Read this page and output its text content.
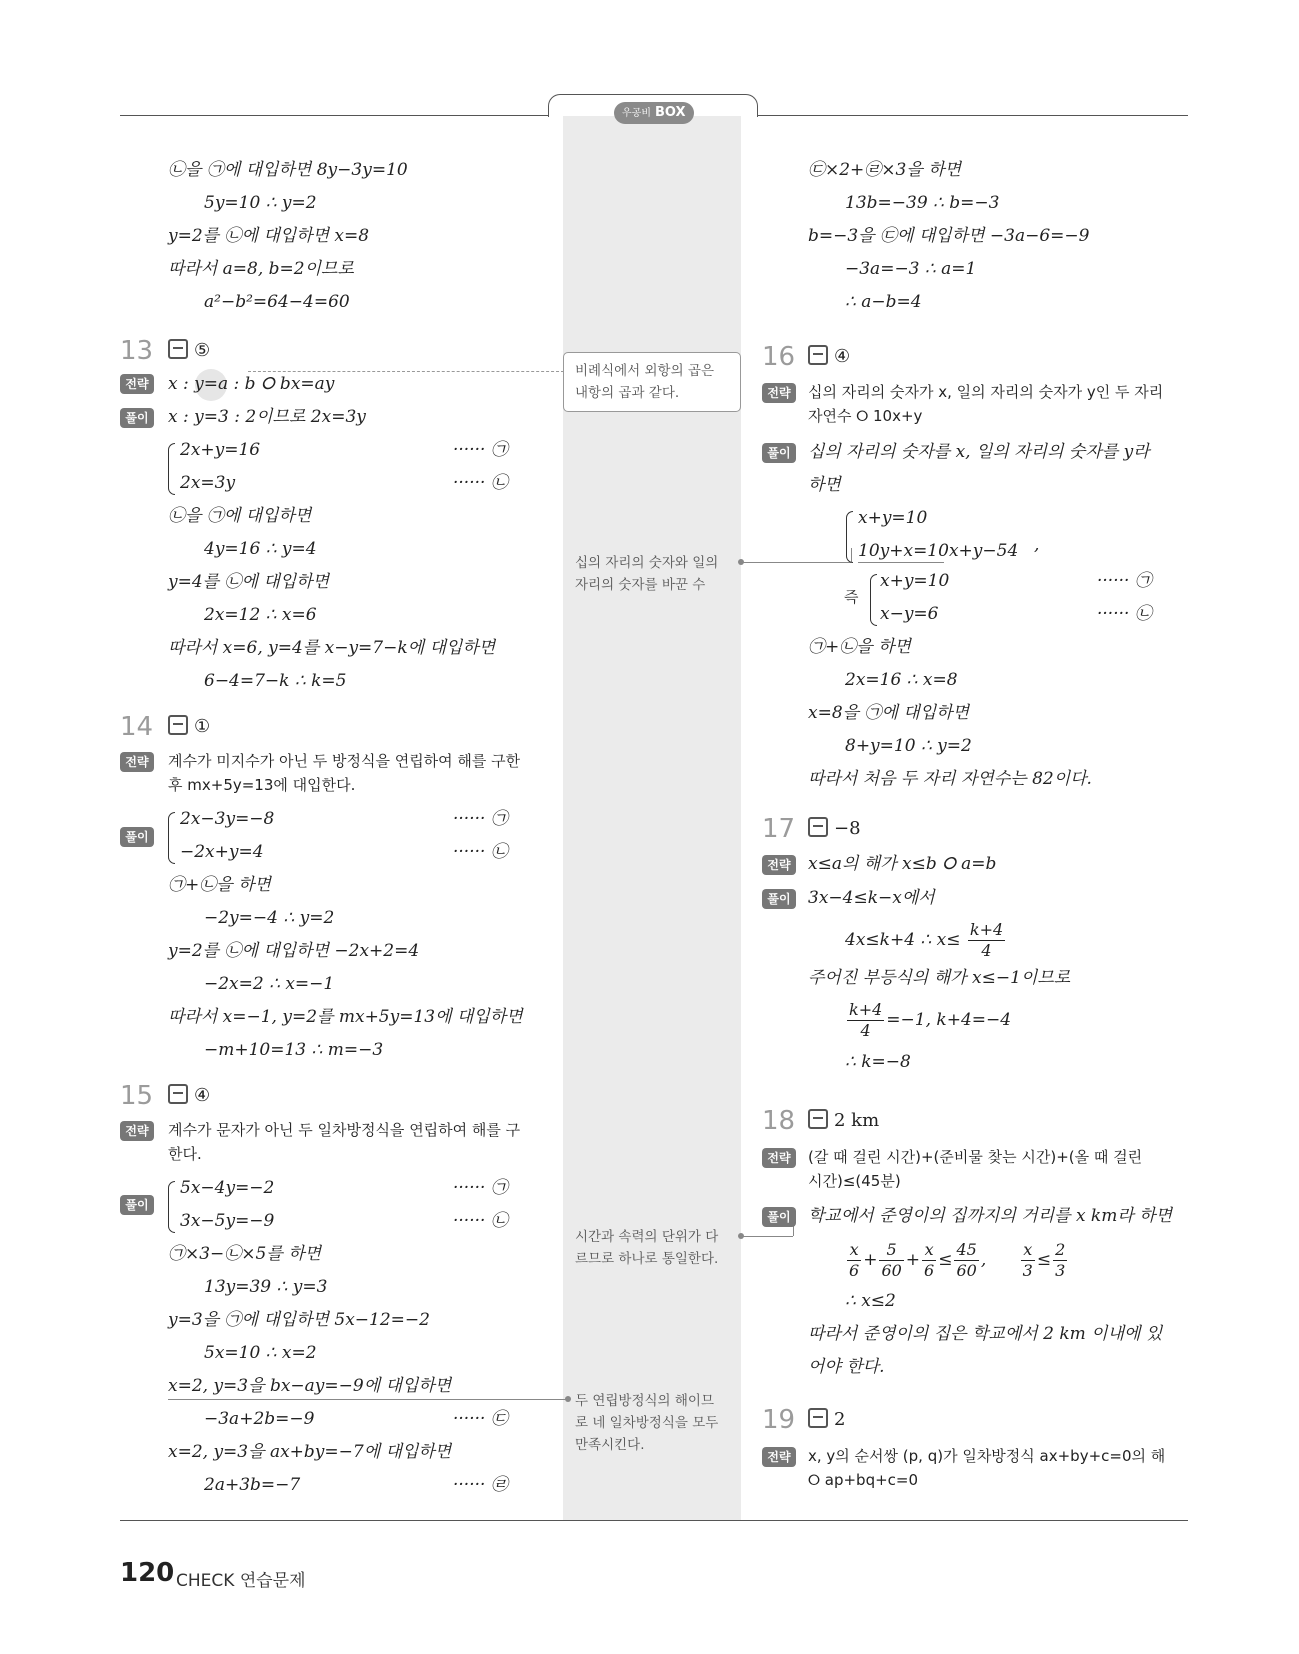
우공비 BOX
㉡을 ㉠에 대입하면 8y−3y=10
5y=10 ∴ y=2
y=2를 ㉡에 대입하면 x=8
따라서 a=8, b=2이므로
a²−b²=64−4=60
13	⑤
전략	x : y=a : b ⭘ bx=ay
풀이	x : y=3 : 2이므로 2x=3y
2x+y=16	······ ㉠
2x=3y	······ ㉡
㉡을 ㉠에 대입하면
4y=16 ∴ y=4
y=4를 ㉡에 대입하면
2x=12 ∴ x=6
따라서 x=6, y=4를 x−y=7−k에 대입하면
6−4=7−k ∴ k=5
14	①
전략	계수가 미지수가 아닌 두 방정식을 연립하여 해를 구한
후 mx+5y=13에 대입한다.
풀이
2x−3y=−8	······ ㉠
−2x+y=4	······ ㉡
㉠+㉡을 하면
−2y=−4 ∴ y=2
y=2를 ㉡에 대입하면 −2x+2=4
−2x=2 ∴ x=−1
따라서 x=−1, y=2를 mx+5y=13에 대입하면
−m+10=13 ∴ m=−3
15	④
전략	계수가 문자가 아닌 두 일차방정식을 연립하여 해를 구
한다.
풀이
5x−4y=−2	······ ㉠
3x−5y=−9	······ ㉡
㉠×3−㉡×5를 하면
13y=39 ∴ y=3
y=3을 ㉠에 대입하면 5x−12=−2
5x=10 ∴ x=2
x=2, y=3을 bx−ay=−9에 대입하면
−3a+2b=−9	······ ㉢
x=2, y=3을 ax+by=−7에 대입하면
2a+3b=−7	······ ㉣
비례식에서 외항의 곱은
내항의 곱과 같다.
십의 자리의 숫자와 일의
자리의 숫자를 바꾼 수
시간과 속력의 단위가 다
르므로 하나로 통일한다.
두 연립방정식의 해이므
로 네 일차방정식을 모두
만족시킨다.
㉢×2+㉣×3을 하면
13b=−39 ∴ b=−3
b=−3을 ㉢에 대입하면 −3a−6=−9
−3a=−3 ∴ a=1
∴ a−b=4
16	④
전략	십의 자리의 숫자가 x, 일의 자리의 숫자가 y인 두 자리
자연수 ⭘ 10x+y
풀이	십의 자리의 숫자를 x, 일의 자리의 숫자를 y라
하면
x+y=10
10y+x=10x+y−54 ,
즉
x+y=10	······ ㉠
x−y=6	······ ㉡
㉠+㉡을 하면
2x=16 ∴ x=8
x=8을 ㉠에 대입하면
8+y=10 ∴ y=2
따라서 처음 두 자리 자연수는 82이다.
17	−8
전략	x≤a의 해가 x≤b ⭘ a=b
풀이	3x−4≤k−x에서
4x≤k+4 ∴ $x\le \frac{k+4}{4}$
주어진 부등식의 해가 x≤−1이므로
$\frac{k+4}{4} =-1$, k+4=−4
∴ k=−8
18	2 km
전략	(갈 때 걸린 시간)+(준비물 찾는 시간)+(올 때 걸린
시간)≤(45분)
풀이	학교에서 준영이의 집까지의 거리를 x km라 하면
$\frac{x}{6} + \frac{5}{60} + \frac{x}{6} \le \frac{45}{60}$ , $\frac{x}{3} \le \frac{2}{3}$
∴ x≤2
따라서 준영이의 집은 학교에서 2 km 이내에 있
어야 한다.
19	2
전략	x, y의 순서쌍 (p, q)가 일차방정식 ax+by+c=0의 해
⭘ ap+bq+c=0
120 CHECK 연습문제
